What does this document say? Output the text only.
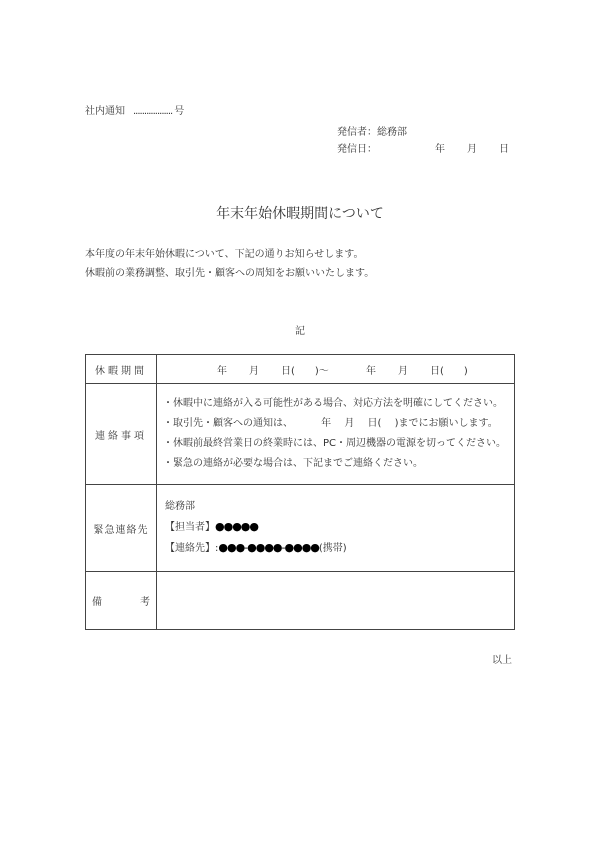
社内通知 .................. 号
発信者：総務部
発信日：	年 月 日
年末年始休暇期間について
本年度の年末年始休暇について、下記の通りお知らせします。
休暇前の業務調整、取引先・顧客への周知をお願いいたします。
記
休暇期間	年 月 日(　　)～ 年 月 日(　　)
連絡事項	・休暇中に連絡が入る可能性がある場合、対応方法を明確にしてください。
・取引先・顧客への通知は、　　　 年　 月　 日(　 )までにお願いします。
・休暇前最終営業日の終業時には、PC・周辺機器の電源を切ってください。
・緊急の連絡が必要な場合は、下記までご連絡ください。

緊急連絡先	総務部
【担当者】●●●●●
【連絡先】:●●●-●●●●-●●●●(携帯)

備　　　考	
以上
